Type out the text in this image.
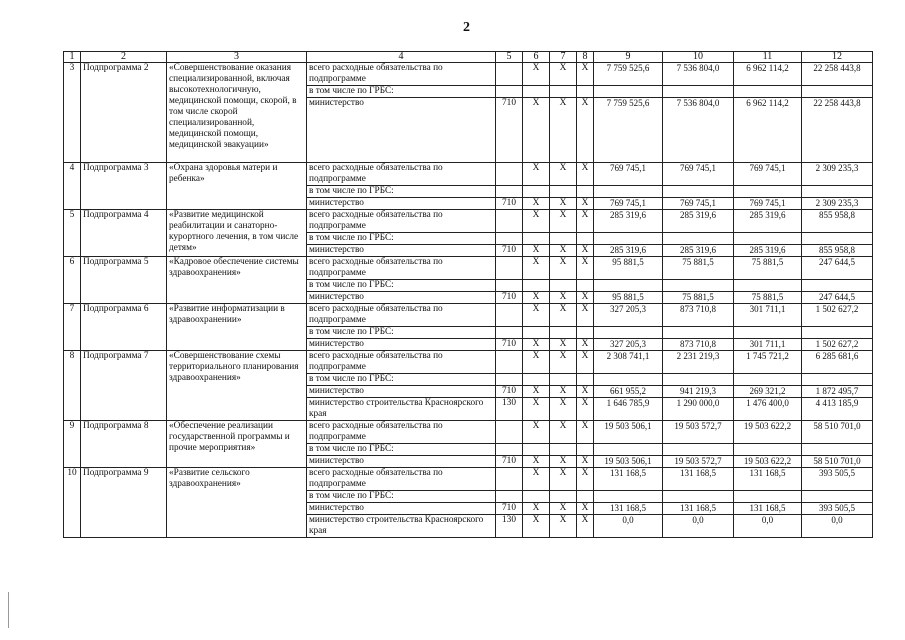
2
1	2	3	4	5	6	7	8	9	10	11	12
3	Подпрограмма 2	«Совершенствование оказания специализированной, включая высокотехнологичную, медицинской помощи, скорой, в том числе скорой специализированной, медицинской помощи, медицинской эвакуации»	всего расходные обязательства по подпрограмме		X	X	X	7 759 525,6	7 536 804,0	6 962 114,2	22 258 443,8
			в том числе по ГРБС:								
			министерство	710	X	X	X	7 759 525,6	7 536 804,0	6 962 114,2	22 258 443,8
4	Подпрограмма 3	«Охрана здоровья матери и ребенка»	всего расходные обязательства по подпрограмме		X	X	X	769 745,1	769 745,1	769 745,1	2 309 235,3
			в том числе по ГРБС:								
			министерство	710	X	X	X	769 745,1	769 745,1	769 745,1	2 309 235,3
5	Подпрограмма 4	«Развитие медицинской реабилитации и санаторно-курортного лечения, в том числе детям»	всего расходные обязательства по подпрограмме		X	X	X	285 319,6	285 319,6	285 319,6	855 958,8
			в том числе по ГРБС:								
			министерство	710	X	X	X	285 319,6	285 319,6	285 319,6	855 958,8
6	Подпрограмма 5	«Кадровое обеспечение системы здравоохранения»	всего расходные обязательства по подпрограмме		X	X	X	95 881,5	75 881,5	75 881,5	247 644,5
			в том числе по ГРБС:								
			министерство	710	X	X	X	95 881,5	75 881,5	75 881,5	247 644,5
7	Подпрограмма 6	«Развитие информатизации в здравоохранении»	всего расходные обязательства по подпрограмме		X	X	X	327 205,3	873 710,8	301 711,1	1 502 627,2
			в том числе по ГРБС:								
			министерство	710	X	X	X	327 205,3	873 710,8	301 711,1	1 502 627,2
8	Подпрограмма 7	«Совершенствование схемы территориального планирования здравоохранения»	всего расходные обязательства по подпрограмме		X	X	X	2 308 741,1	2 231 219,3	1 745 721,2	6 285 681,6
			в том числе по ГРБС:								
			министерство	710	X	X	X	661 955,2	941 219,3	269 321,2	1 872 495,7
			министерство строительства Красноярского края	130	X	X	X	1 646 785,9	1 290 000,0	1 476 400,0	4 413 185,9
9	Подпрограмма 8	«Обеспечение реализации государственной программы и прочие мероприятия»	всего расходные обязательства по подпрограмме		X	X	X	19 503 506,1	19 503 572,7	19 503 622,2	58 510 701,0
			в том числе по ГРБС:								
			министерство	710	X	X	X	19 503 506,1	19 503 572,7	19 503 622,2	58 510 701,0
10	Подпрограмма 9	«Развитие сельского здравоохранения»	всего расходные обязательства по подпрограмме		X	X	X	131 168,5	131 168,5	131 168,5	393 505,5
			в том числе по ГРБС:								
			министерство	710	X	X	X	131 168,5	131 168,5	131 168,5	393 505,5
			министерство строительства Красноярского края	130	X	X	X	0,0	0,0	0,0	0,0
